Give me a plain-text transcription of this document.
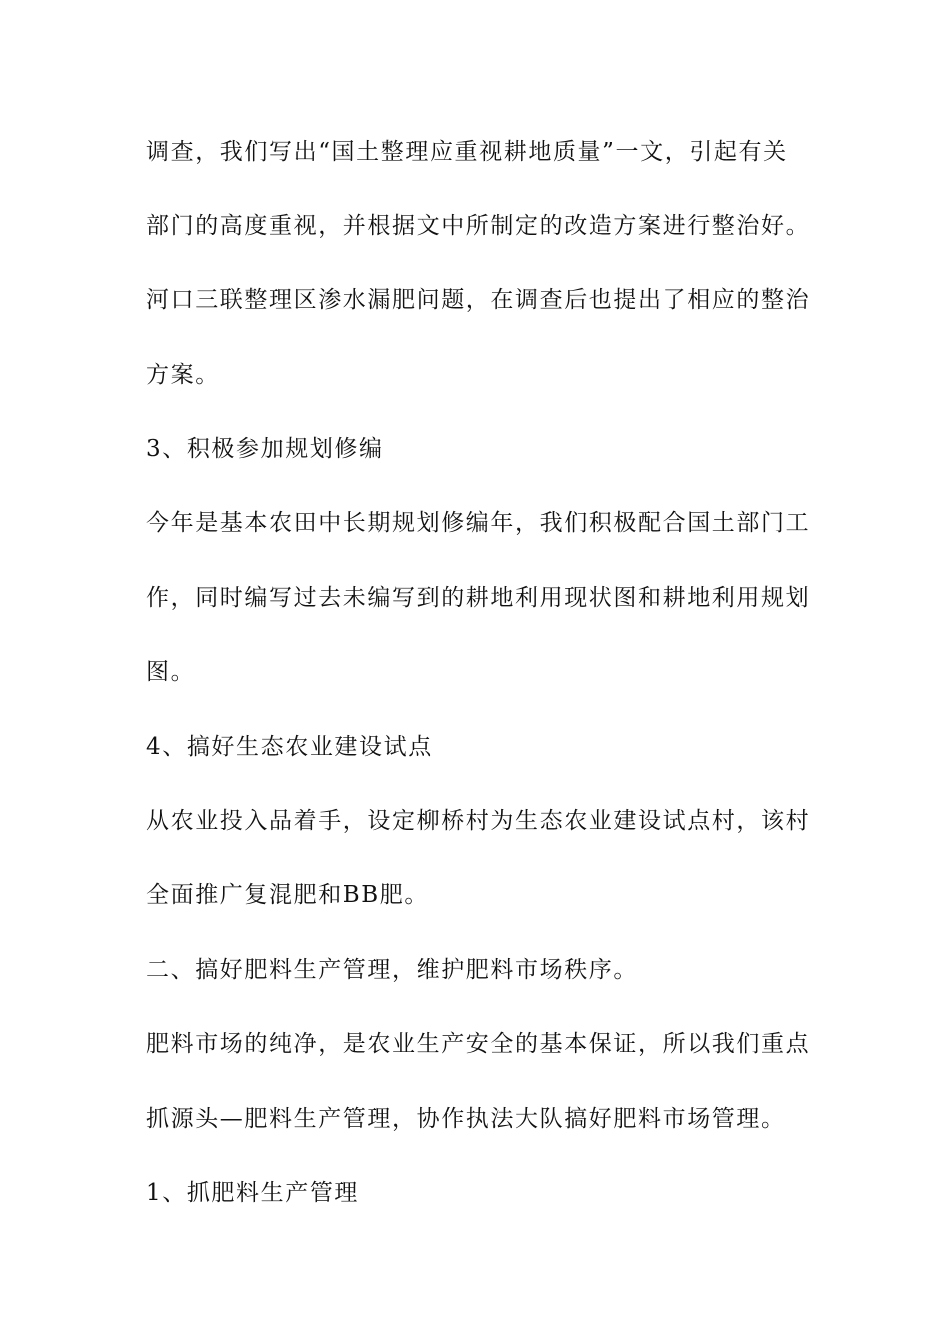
调查，我们写出“国土整理应重视耕地质量”一文，引起有关
部门的高度重视，并根据文中所制定的改造方案进行整治好。
河口三联整理区渗水漏肥问题，在调查后也提出了相应的整治
方案。
3、积极参加规划修编
今年是基本农田中长期规划修编年，我们积极配合国土部门工
作，同时编写过去未编写到的耕地利用现状图和耕地利用规划
图。
4、搞好生态农业建设试点
从农业投入品着手，设定柳桥村为生态农业建设试点村，该村
全面推广复混肥和BB肥。
二、搞好肥料生产管理，维护肥料市场秩序。
肥料市场的纯净，是农业生产安全的基本保证，所以我们重点
抓源头—肥料生产管理，协作执法大队搞好肥料市场管理。
1、抓肥料生产管理
